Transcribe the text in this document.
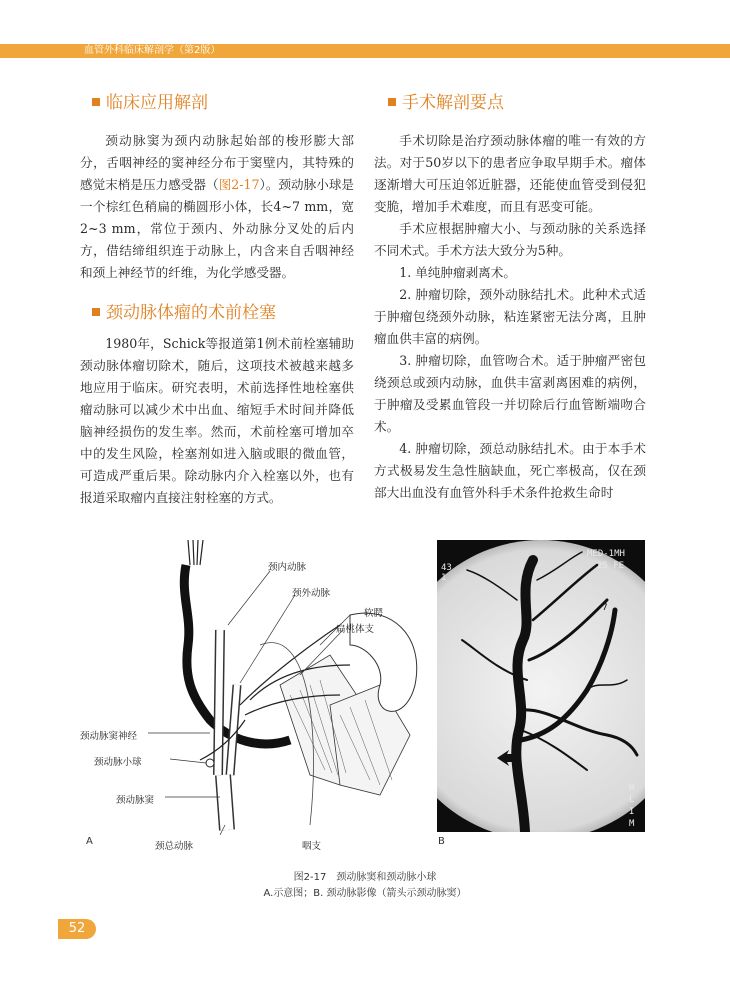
血管外科临床解剖学（第2版）
临床应用解剖

颈动脉窦为颈内动脉起始部的梭形膨大部分，舌咽神经的窦神经分布于窦壁内，其特殊的感觉末梢是压力感受器（图2-17）。颈动脉小球是一个棕红色稍扁的椭圆形小体，长4~7 mm，宽2~3 mm，常位于颈内、外动脉分叉处的后内方，借结缔组织连于动脉上，内含来自舌咽神经和颈上神经节的纤维，为化学感受器。

颈动脉体瘤的术前栓塞

1980年，Schick等报道第1例术前栓塞辅助颈动脉体瘤切除术，随后，这项技术被越来越多地应用于临床。研究表明，术前选择性地栓塞供瘤动脉可以减少术中出血、缩短手术时间并降低脑神经损伤的发生率。然而，术前栓塞可增加卒中的发生风险，栓塞剂如进入脑或眼的微血管，可造成严重后果。除动脉内介入栓塞以外，也有报道采取瘤内直接注射栓塞的方式。

手术解剖要点

手术切除是治疗颈动脉体瘤的唯一有效的方法。对于50岁以下的患者应争取早期手术。瘤体逐渐增大可压迫邻近脏器，还能使血管受到侵犯变脆，增加手术难度，而且有恶变可能。

手术应根据肿瘤大小、与颈动脉的关系选择不同术式。手术方法大致分为5种。

1. 单纯肿瘤剥离术。

2. 肿瘤切除，颈外动脉结扎术。此种术式适于肿瘤包绕颈外动脉，粘连紧密无法分离，且肿瘤血供丰富的病例。

3. 肿瘤切除，血管吻合术。适于肿瘤严密包绕颈总或颈内动脉，血供丰富剥离困难的病例，于肿瘤及受累血管段一并切除后行血管断端吻合术。

4. 肿瘤切除，颈总动脉结扎术。由于本手术方式极易发生急性脑缺血，死亡率极高，仅在颈部大出血没有血管外科手术条件抢救生命时

颈内动脉
颈外动脉
软腭
扁桃体支
颈动脉窦神经
颈动脉小球
颈动脉窦
A	颈总动脉	咽支
MED-1MH
25 FE
43
1
W
L
I
M
7
B
图2-17　颈动脉窦和颈动脉小球
A.示意图；B. 颈动脉影像（箭头示颈动脉窦）
52
